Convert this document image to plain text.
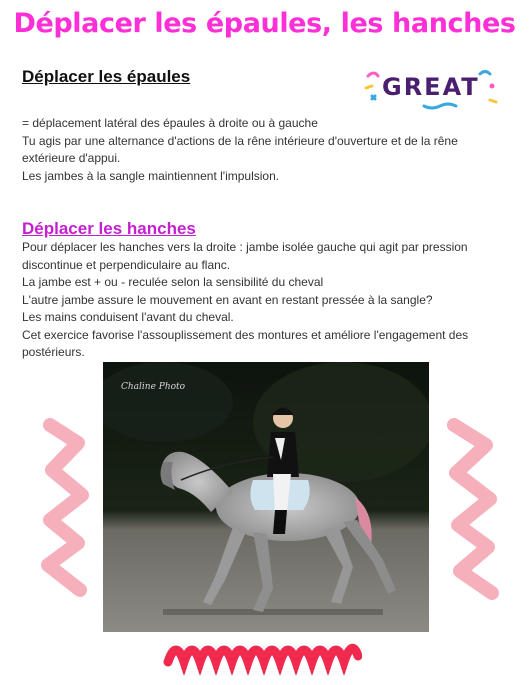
Déplacer les épaules, les hanches
Déplacer les épaules	GREAT
= déplacement latéral des épaules à droite ou à gauche
Tu agis par une alternance d'actions de la rêne intérieure d'ouverture et de la rêne extérieure d'appui.
Les jambes à la sangle maintiennent l'impulsion.
Déplacer les hanches
Pour déplacer les hanches vers la droite : jambe isolée gauche qui agit par pression discontinue et perpendiculaire au flanc.
La jambe est + ou - reculée selon la sensibilité du cheval
L'autre jambe assure le mouvement en avant en restant pressée à la sangle?
Les mains conduisent l'avant du cheval.
Cet exercice favorise l'assouplissement des montures et améliore l'engagement des postérieurs.
Chaline Photo
